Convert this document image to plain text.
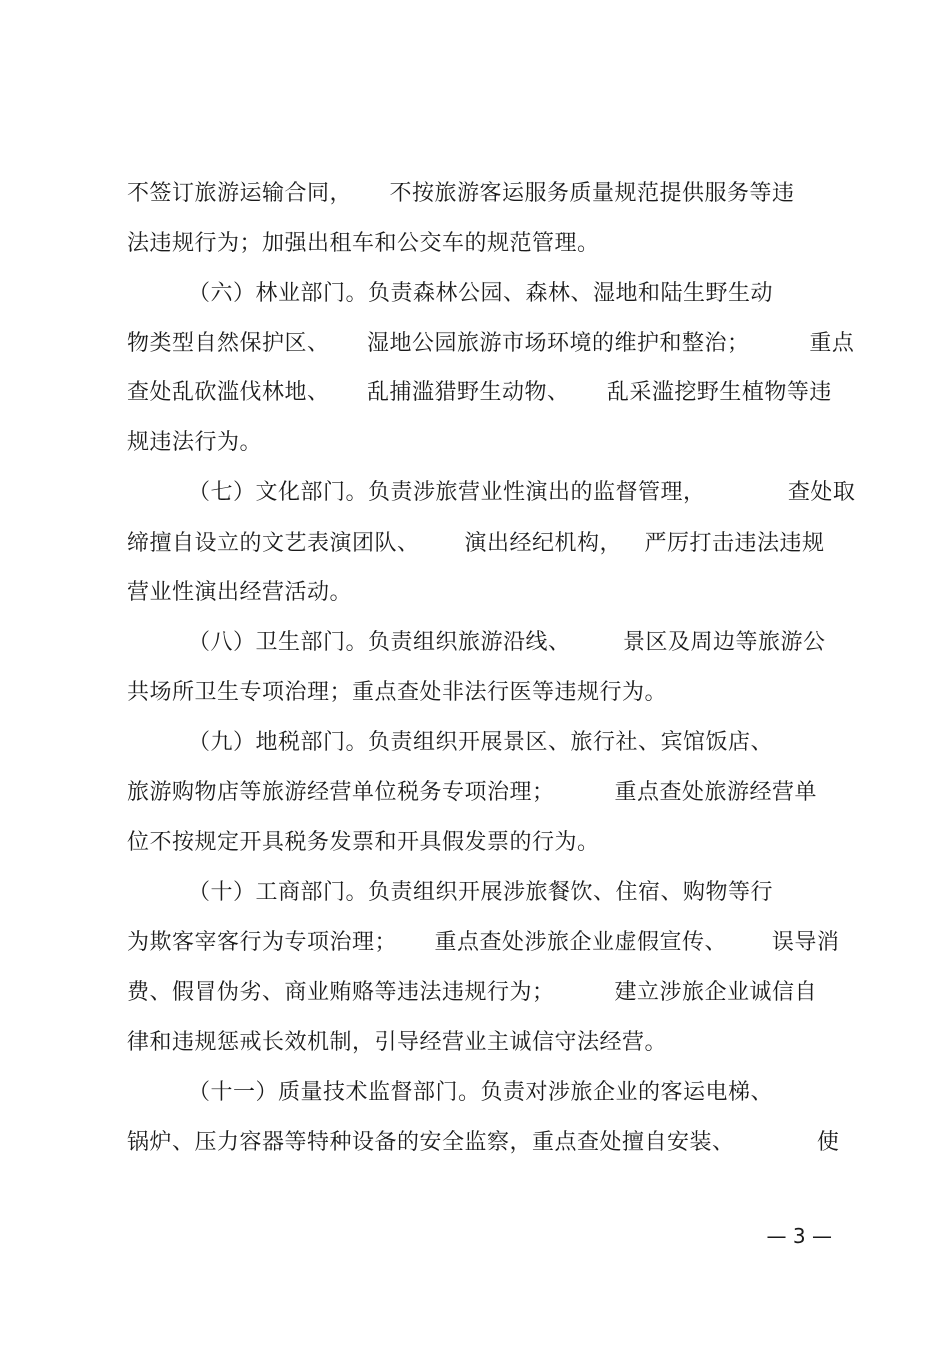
不签订旅游运输合同，     不按旅游客运服务质量规范提供服务等违
法违规行为；加强出租车和公交车的规范管理。
（六）林业部门。负责森林公园、森林、湿地和陆生野生动
物类型自然保护区、     湿地公园旅游市场环境的维护和整治；        重点
查处乱砍滥伐林地、     乱捕滥猎野生动物、     乱采滥挖野生植物等违
规违法行为。
（七）文化部门。负责涉旅营业性演出的监督管理，           查处取
缔擅自设立的文艺表演团队、      演出经纪机构，   严厉打击违法违规
营业性演出经营活动。
（八）卫生部门。负责组织旅游沿线、       景区及周边等旅游公
共场所卫生专项治理；重点查处非法行医等违规行为。
（九）地税部门。负责组织开展景区、旅行社、宾馆饭店、
旅游购物店等旅游经营单位税务专项治理；        重点查处旅游经营单
位不按规定开具税务发票和开具假发票的行为。
（十）工商部门。负责组织开展涉旅餐饮、住宿、购物等行
为欺客宰客行为专项治理；     重点查处涉旅企业虚假宣传、      误导消
费、假冒伪劣、商业贿赂等违法违规行为；        建立涉旅企业诚信自
律和违规惩戒长效机制，引导经营业主诚信守法经营。
（十一）质量技术监督部门。负责对涉旅企业的客运电梯、
锅炉、压力容器等特种设备的安全监察，重点查处擅自安装、           使
— 3 —
